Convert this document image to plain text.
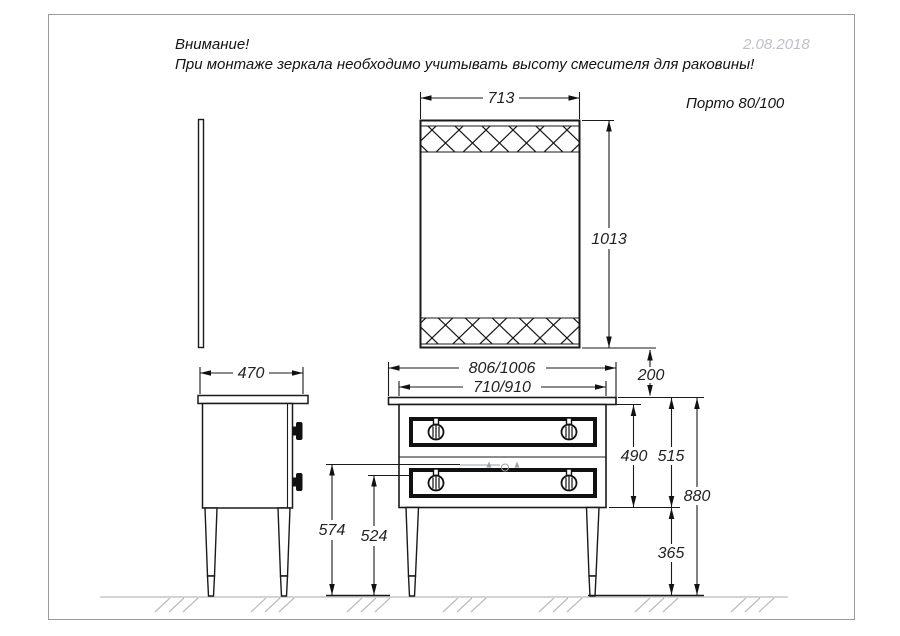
Внимание!
При монтаже зеркала необходимо учитывать высоту смесителя для раковины!
2.08.2018
Порто 80/100
713
1013
200
806/1006
710/910
470
490 515
880
365
574 524
